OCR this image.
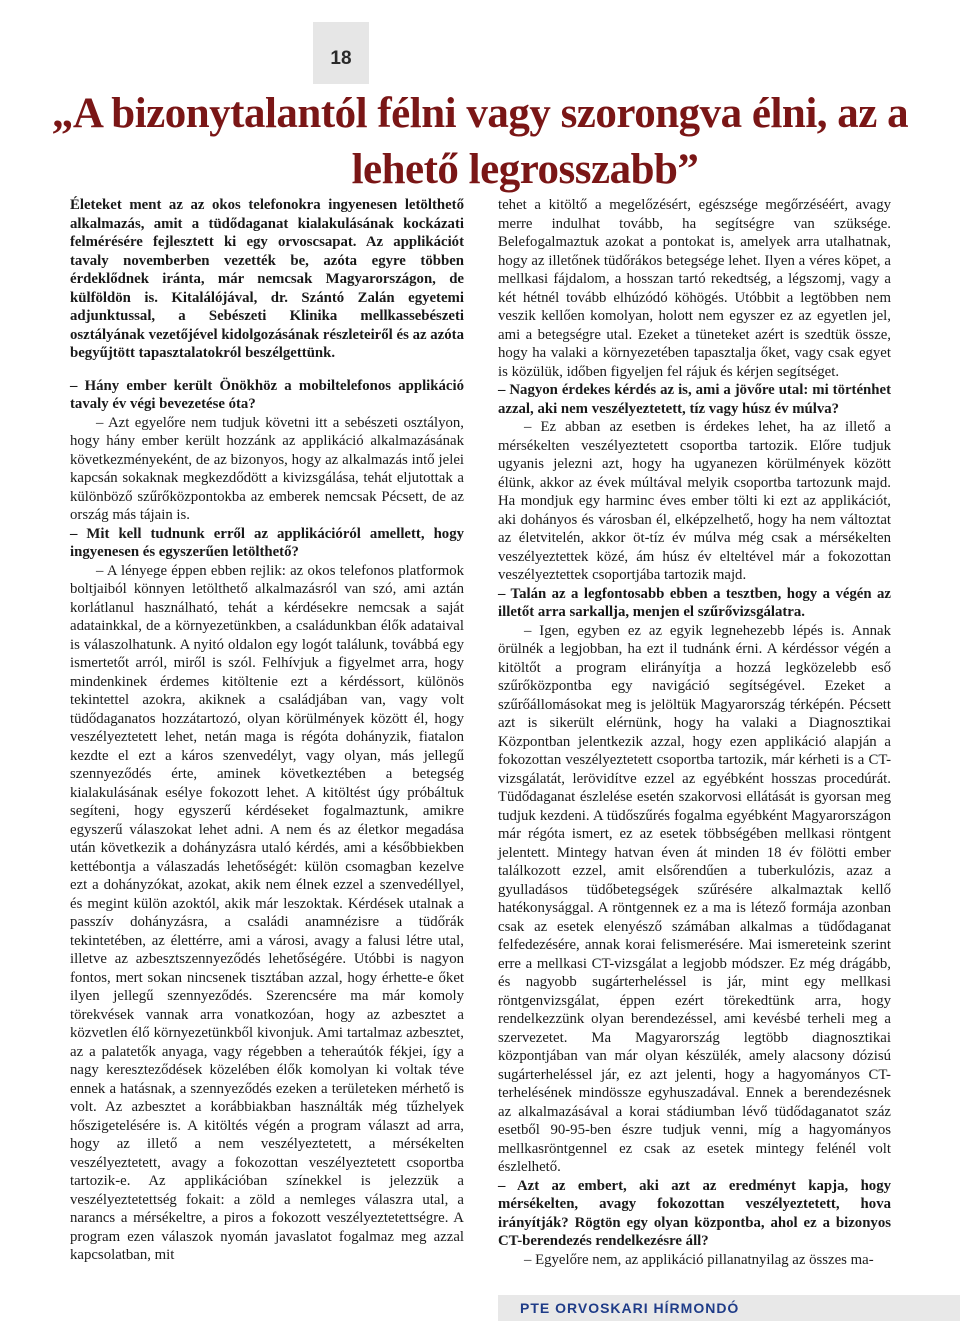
18
„A bizonytalantól félni vagy szorongva élni, az a
lehető legrosszabb”

Életeket ment az az okos telefonokra ingyenesen letölthető alkalmazás, amit a tüdődaganat kialakulásának kockázati felmérésére fejlesztett ki egy orvoscsapat. Az applikációt tavaly novemberben vezették be, azóta egyre többen érdeklődnek iránta, már nemcsak Magyarországon, de külföldön is. Kitalálójával, dr. Szántó Zalán egyetemi adjunktussal, a Sebészeti Klinika mellkassebészeti osztályának vezetőjével kidolgozásának részleteiről és az azóta begyűjtött tapasztalatokról beszélgettünk.

– Hány ember került Önökhöz a mobiltelefonos applikáció tavaly év végi bevezetése óta?

– Azt egyelőre nem tudjuk követni itt a sebészeti osztályon, hogy hány ember került hozzánk az applikáció alkalmazásának következményeként, de az bizonyos, hogy az alkalmazás intő jelei kapcsán sokaknak megkezdődött a kivizsgálása, tehát eljutottak a különböző szűrőközpontokba az emberek nemcsak Pécsett, de az ország más tájain is.

– Mit kell tudnunk erről az applikációról amellett, hogy ingyenesen és egyszerűen letölthető?

– A lényege éppen ebben rejlik: az okos telefonos platformok boltjaiból könnyen letölthető alkalmazásról van szó, ami aztán korlátlanul használható, tehát a kérdésekre nemcsak a saját adatainkkal, de a környezetünkben, a családunkban élők adataival is válaszolhatunk. A nyitó oldalon egy logót találunk, továbbá egy ismertetőt arról, miről is szól. Felhívjuk a figyelmet arra, hogy mindenkinek érdemes kitöltenie ezt a kérdéssort, különös tekintettel azokra, akiknek a családjában van, vagy volt tüdődaganatos hozzátartozó, olyan körülmények között él, hogy veszélyeztetett lehet, netán maga is régóta dohányzik, fiatalon kezdte el ezt a káros szenvedélyt, vagy olyan, más jellegű szennyeződés érte, aminek következtében a betegség kialakulásának esélye fokozott lehet. A kitöltést úgy próbáltuk segíteni, hogy egyszerű kérdéseket fogalmaztunk, amikre egyszerű válaszokat lehet adni. A nem és az életkor megadása után következik a dohányzásra utaló kérdés, ami a későbbiekben kettébontja a válaszadás lehetőségét: külön csomagban kezelve ezt a dohányzókat, azokat, akik nem élnek ezzel a szenvedéllyel, és megint külön azoktól, akik már leszoktak. Kérdések utalnak a passzív dohányzásra, a családi anamnézisre a tüdőrák tekintetében, az élettérre, ami a városi, avagy a falusi létre utal, illetve az azbesztszennyeződés lehetőségére. Utóbbi is nagyon fontos, mert sokan nincsenek tisztában azzal, hogy érhette-e őket ilyen jellegű szennyeződés. Szerencsére ma már komoly törekvések vannak arra vonatkozóan, hogy az azbesztet a közvetlen élő környezetünkből kivonjuk. Ami tartalmaz azbesztet, az a palatetők anyaga, vagy régebben a teheraútók fékjei, így a nagy kereszteződések közelében élők komolyan ki voltak téve ennek a hatásnak, a szennyeződés ezeken a területeken mérhető is volt. Az azbesztet a korábbiakban használták még tűzhelyek hőszigetelésére is. A kitöltés végén a program választ ad arra, hogy az illető a nem veszélyeztetett, a mérsékelten veszélyeztetett, avagy a fokozottan veszélyeztetett csoportba tartozik-e. Az applikációban színekkel is jelezzük a veszélyeztetettség fokait: a zöld a nemleges válaszra utal, a narancs a mérsékeltre, a piros a fokozott veszélyeztetettségre. A program ezen válaszok nyomán javaslatot fogalmaz meg azzal kapcsolatban, mit

tehet a kitöltő a megelőzésért, egészsége megőrzéséért, avagy merre indulhat tovább, ha segítségre van szüksége. Belefogalmaztuk azokat a pontokat is, amelyek arra utalhatnak, hogy az illetőnek tüdőrákos betegsége lehet. Ilyen a véres köpet, a mellkasi fájdalom, a hosszan tartó rekedtség, a légszomj, vagy a két hétnél tovább elhúzódó köhögés. Utóbbit a legtöbben nem veszik kellően komolyan, holott nem egyszer ez az egyetlen jel, ami a betegségre utal. Ezeket a tüneteket azért is szedtük össze, hogy ha valaki a környezetében tapasztalja őket, vagy csak egyet is közülük, időben figyeljen fel rájuk és kérjen segítséget.

– Nagyon érdekes kérdés az is, ami a jövőre utal: mi történhet azzal, aki nem veszélyeztetett, tíz vagy húsz év múlva?

– Ez abban az esetben is érdekes lehet, ha az illető a mérsékelten veszélyeztetett csoportba tartozik. Előre tudjuk ugyanis jelezni azt, hogy ha ugyanezen körülmények között élünk, akkor az évek múltával melyik csoportba tartozunk majd. Ha mondjuk egy harminc éves ember tölti ki ezt az applikációt, aki dohányos és városban él, elképzelhető, hogy ha nem változtat az életvitelén, akkor öt-tíz év múlva még csak a mérsékelten veszélyeztettek közé, ám húsz év elteltével már a fokozottan veszélyeztettek csoportjába tartozik majd.

– Talán az a legfontosabb ebben a tesztben, hogy a végén az illetőt arra sarkallja, menjen el szűrővizsgálatra.

– Igen, egyben ez az egyik legnehezebb lépés is. Annak örülnék a legjobban, ha ezt il tudnánk érni. A kérdéssor végén a kitöltőt a program elirányítja a hozzá legközelebb eső szűrőközpontba egy navigáció segítségével. Ezeket a szűrőállomásokat meg is jelöltük Magyarország térképén. Pécsett azt is sikerült elérnünk, hogy ha valaki a Diagnosztikai Központban jelentkezik azzal, hogy ezen applikáció alapján a fokozottan veszélyeztetett csoportba tartozik, már kérheti is a CT-vizsgálatát, lerövidítve ezzel az egyébként hosszas procedúrát. Tüdődaganat észlelése esetén szakorvosi ellátását is gyorsan meg tudjuk kezdeni. A tüdőszűrés fogalma egyébként Magyarországon már régóta ismert, ez az esetek többségében mellkasi röntgent jelentett. Mintegy hatvan éven át minden 18 év fölötti ember találkozott ezzel, amit elsőrendűen a tuberkulózis, azaz a gyulladásos tüdőbetegségek szűrésére alkalmaztak kellő hatékonysággal. A röntgennek ez a ma is létező formája azonban csak az esetek elenyésző számában alkalmas a tüdődaganat felfedezésére, annak korai felismerésére. Mai ismereteink szerint erre a mellkasi CT-vizsgálat a legjobb módszer. Ez még drágább, és nagyobb sugárterheléssel is jár, mint egy mellkasi röntgenvizsgálat, éppen ezért törekedtünk arra, hogy rendelkezzünk olyan berendezéssel, ami kevésbé terheli meg a szervezetet. Ma Magyarország legtöbb diagnosztikai központjában van már olyan készülék, amely alacsony dózisú sugárterheléssel jár, ez azt jelenti, hogy a hagyományos CT-terhelésének mindössze egyhuszadával. Ennek a berendezésnek az alkalmazásával a korai stádiumban lévő tüdődaganatot száz esetből 90-95-ben észre tudjuk venni, míg a hagyományos mellkasröntgennel ez csak az esetek mintegy felénél volt észlelhető.

– Azt az embert, aki azt az eredményt kapja, hogy mérsékelten, avagy fokozottan veszélyeztetett, hova irányítják? Rögtön egy olyan központba, ahol ez a bizonyos CT-berendezés rendelkezésre áll?

– Egyelőre nem, az applikáció pillanatnyilag az összes ma-

PTE ORVOSKARI HÍRMONDÓ
